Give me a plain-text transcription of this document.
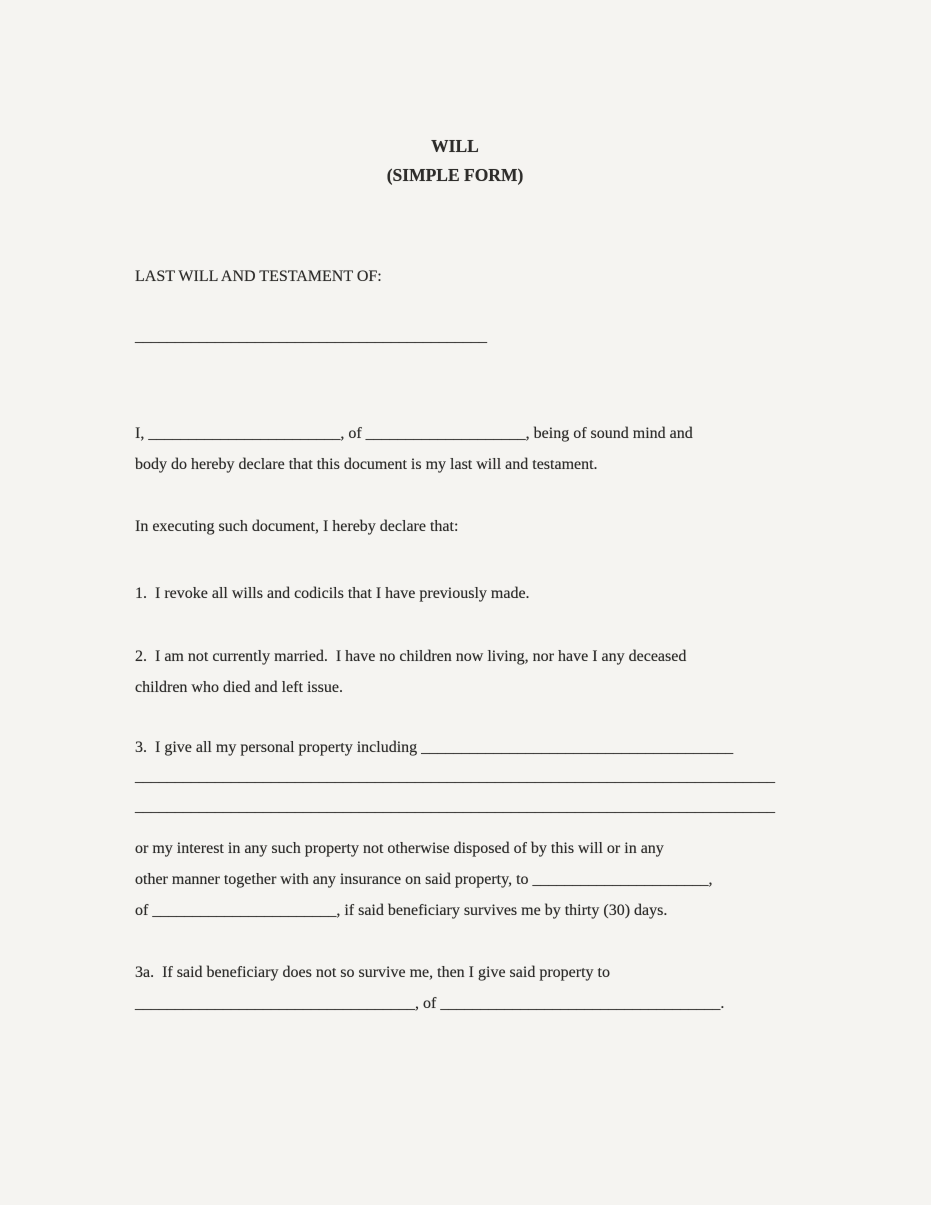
WILL
(SIMPLE FORM)
LAST WILL AND TESTAMENT OF:
____________________________________________
I, ________________________, of ____________________, being of sound mind and
body do hereby declare that this document is my last will and testament.
In executing such document, I hereby declare that:
1.  I revoke all wills and codicils that I have previously made.
2.  I am not currently married.  I have no children now living, nor have I any deceased
children who died and left issue.
3.  I give all my personal property including _______________________________________
________________________________________________________________________________
________________________________________________________________________________
or my interest in any such property not otherwise disposed of by this will or in any
other manner together with any insurance on said property, to ______________________,
of _______________________, if said beneficiary survives me by thirty (30) days.
3a.  If said beneficiary does not so survive me, then I give said property to
___________________________________, of ___________________________________.
